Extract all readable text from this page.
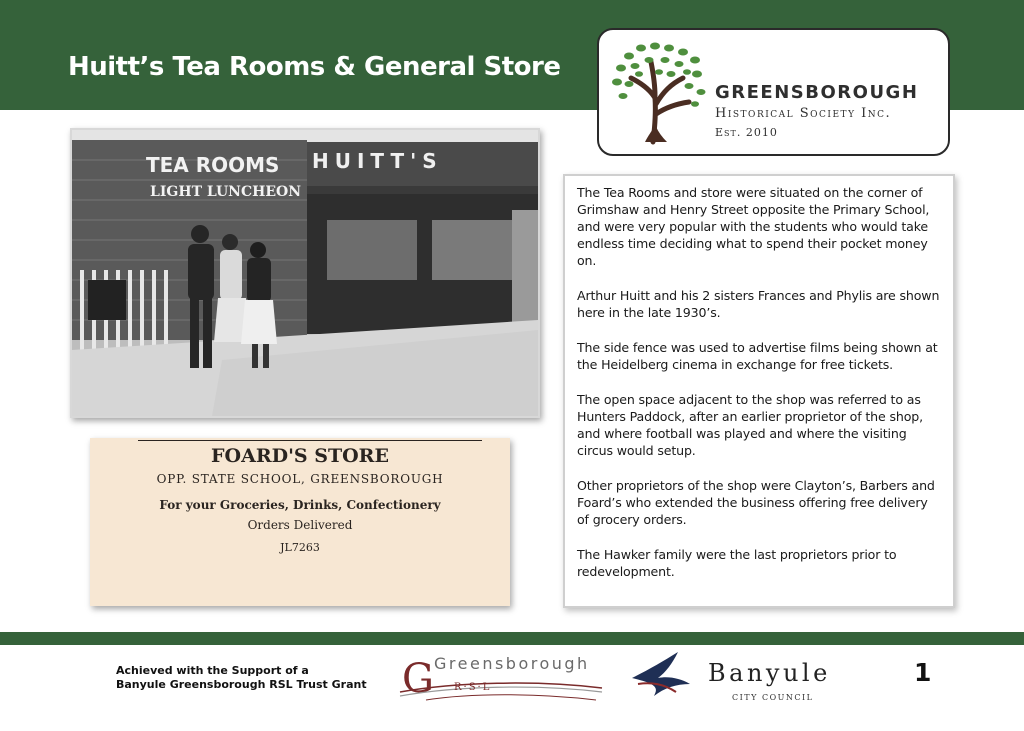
Huitt’s Tea Rooms & General Store
GREENSBOROUGH
Historical Society Inc.
Est. 2010
TEA ROOMS
LIGHT LUNCHEON
HUITT'S
FOARD'S STORE
OPP. STATE SCHOOL, GREENSBOROUGH
For your Groceries, Drinks, Confectionery
Orders Delivered
JL7263

The Tea Rooms and store were situated on the corner of Grimshaw and Henry Street opposite the Primary School, and were very popular with the students who would take endless time deciding what to spend their pocket money on.

Arthur Huitt and his 2 sisters Frances and Phylis are shown here in the late 1930’s.

The side fence was used to advertise films being shown at the Heidelberg cinema in exchange for free tickets.

The open space adjacent to the shop was referred to as Hunters Paddock, after an earlier proprietor of the shop, and where football was played and where the visiting circus would setup.

Other proprietors of the shop were Clayton’s, Barbers and Foard’s who extended the business offering free delivery of grocery orders.

The Hawker family were the last proprietors prior to redevelopment.

Achieved with the Support of a
Banyule Greensborough RSL Trust Grant G Greensborough
R·S·L
Banyule
CITY COUNCIL
1
